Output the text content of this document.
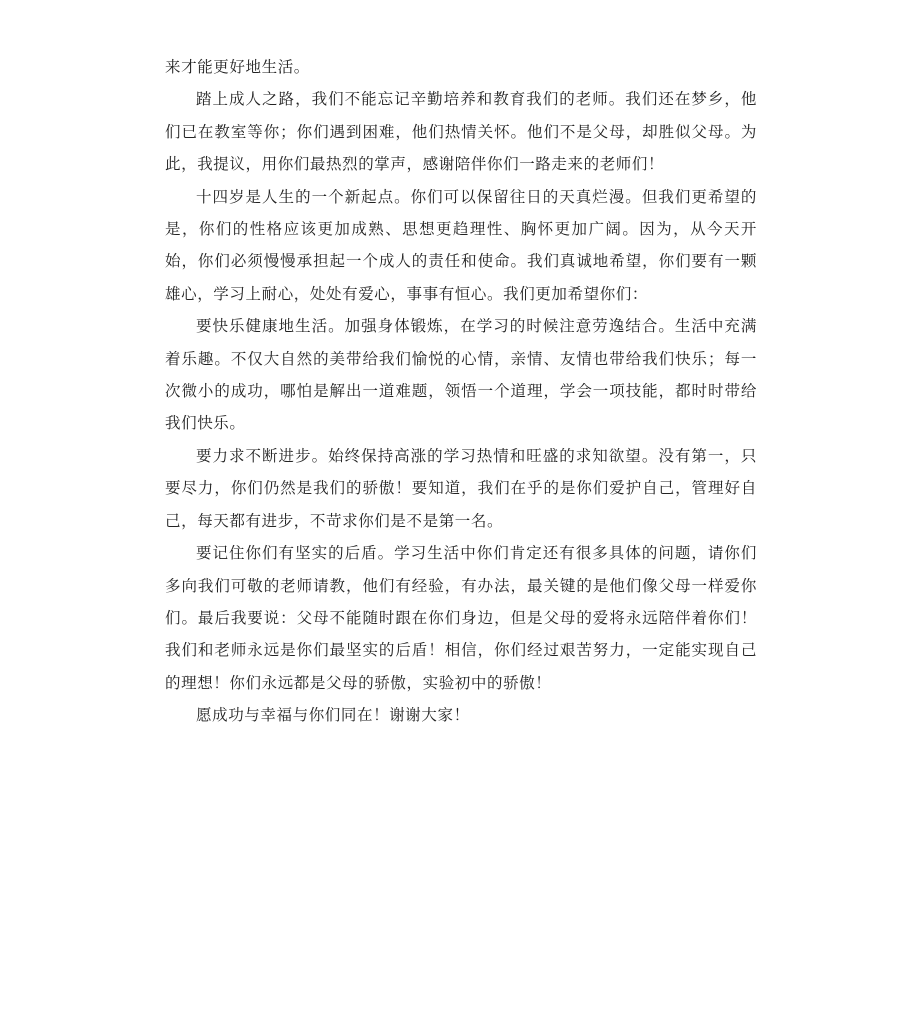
来才能更好地生活。

踏上成人之路，我们不能忘记辛勤培养和教育我们的老师。我们还在梦乡，他们已在教室等你；你们遇到困难，他们热情关怀。他们不是父母，却胜似父母。为此，我提议，用你们最热烈的掌声，感谢陪伴你们一路走来的老师们！

十四岁是人生的一个新起点。你们可以保留往日的天真烂漫。但我们更希望的是，你们的性格应该更加成熟、思想更趋理性、胸怀更加广阔。因为，从今天开始，你们必须慢慢承担起一个成人的责任和使命。我们真诚地希望，你们要有一颗雄心，学习上耐心，处处有爱心，事事有恒心。我们更加希望你们：

要快乐健康地生活。加强身体锻炼，在学习的时候注意劳逸结合。生活中充满着乐趣。不仅大自然的美带给我们愉悦的心情，亲情、友情也带给我们快乐；每一次微小的成功，哪怕是解出一道难题，领悟一个道理，学会一项技能，都时时带给我们快乐。

要力求不断进步。始终保持高涨的学习热情和旺盛的求知欲望。没有第一，只要尽力，你们仍然是我们的骄傲！要知道，我们在乎的是你们爱护自己，管理好自己，每天都有进步，不苛求你们是不是第一名。

要记住你们有坚实的后盾。学习生活中你们肯定还有很多具体的问题，请你们多向我们可敬的老师请教，他们有经验，有办法，最关键的是他们像父母一样爱你们。最后我要说：父母不能随时跟在你们身边，但是父母的爱将永远陪伴着你们！我们和老师永远是你们最坚实的后盾！相信，你们经过艰苦努力，一定能实现自己的理想！你们永远都是父母的骄傲，实验初中的骄傲！

愿成功与幸福与你们同在！谢谢大家！
